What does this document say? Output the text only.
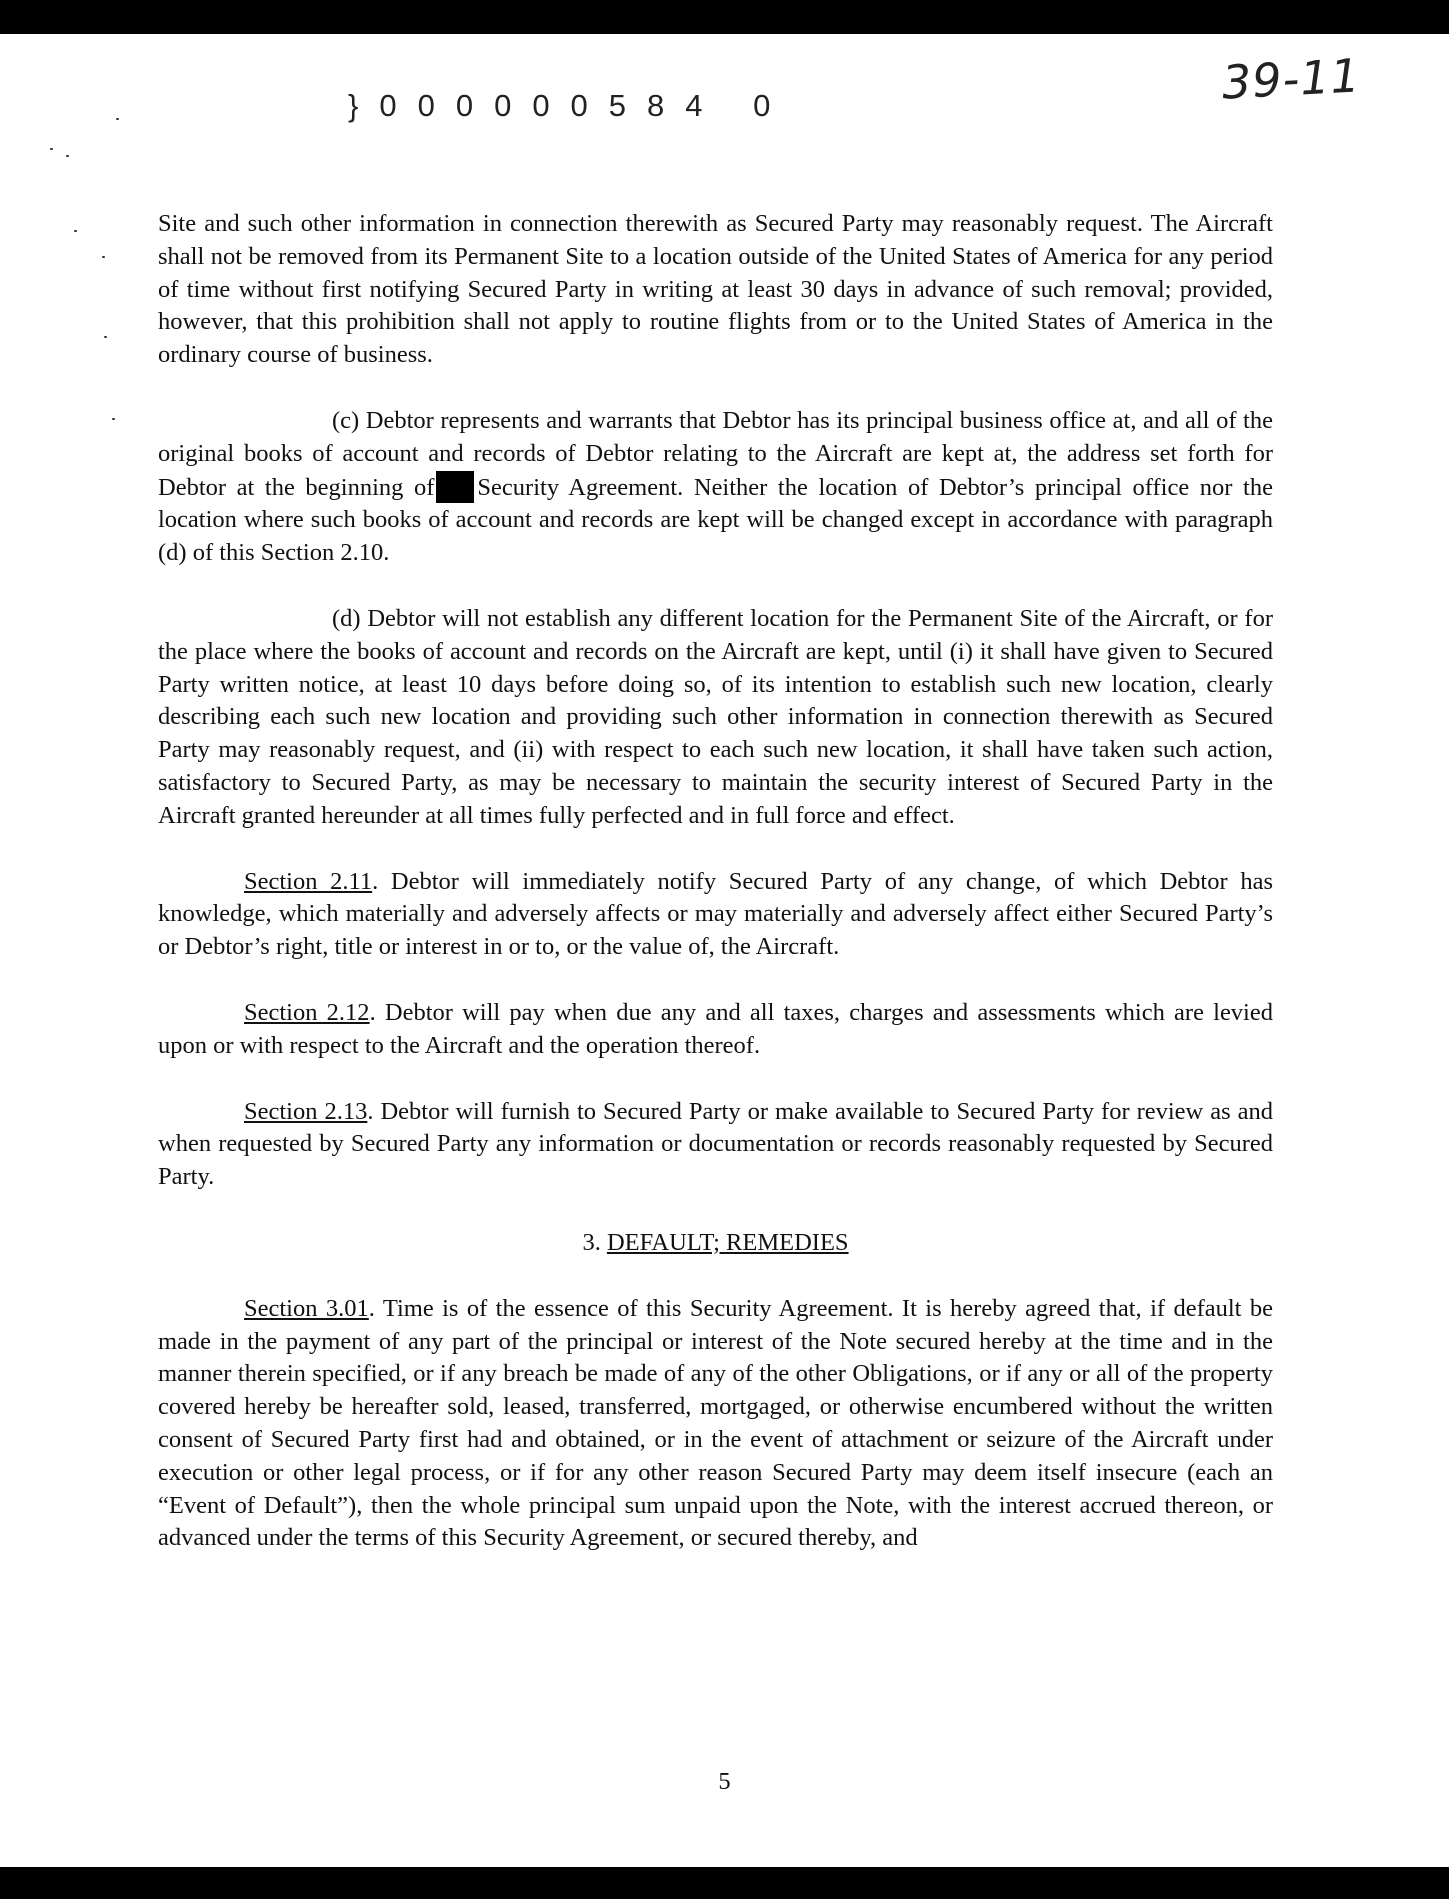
}000000584 0	39-11

Site and such other information in connection therewith as Secured Party may reasonably request. The Aircraft shall not be removed from its Permanent Site to a location outside of the United States of America for any period of time without first notifying Secured Party in writing at least 30 days in advance of such removal; provided, however, that this prohibition shall not apply to routine flights from or to the United States of America in the ordinary course of business.

(c) Debtor represents and warrants that Debtor has its principal business office at, and all of the original books of account and records of Debtor relating to the Aircraft are kept at, the address set forth for Debtor at the beginning of Security Agreement. Neither the location of Debtor’s principal office nor the location where such books of account and records are kept will be changed except in accordance with paragraph (d) of this Section 2.10.

(d) Debtor will not establish any different location for the Permanent Site of the Aircraft, or for the place where the books of account and records on the Aircraft are kept, until (i) it shall have given to Secured Party written notice, at least 10 days before doing so, of its intention to establish such new location, clearly describing each such new location and providing such other information in connection therewith as Secured Party may reasonably request, and (ii) with respect to each such new location, it shall have taken such action, satisfactory to Secured Party, as may be necessary to maintain the security interest of Secured Party in the Aircraft granted hereunder at all times fully perfected and in full force and effect.

Section 2.11. Debtor will immediately notify Secured Party of any change, of which Debtor has knowledge, which materially and adversely affects or may materially and adversely affect either Secured Party’s or Debtor’s right, title or interest in or to, or the value of, the Aircraft.

Section 2.12. Debtor will pay when due any and all taxes, charges and assessments which are levied upon or with respect to the Aircraft and the operation thereof.

Section 2.13. Debtor will furnish to Secured Party or make available to Secured Party for review as and when requested by Secured Party any information or documentation or records reasonably requested by Secured Party.

3. DEFAULT; REMEDIES

Section 3.01. Time is of the essence of this Security Agreement. It is hereby agreed that, if default be made in the payment of any part of the principal or interest of the Note secured hereby at the time and in the manner therein specified, or if any breach be made of any of the other Obligations, or if any or all of the property covered hereby be hereafter sold, leased, transferred, mortgaged, or otherwise encumbered without the written consent of Secured Party first had and obtained, or in the event of attachment or seizure of the Aircraft under execution or other legal process, or if for any other reason Secured Party may deem itself insecure (each an “Event of Default”), then the whole principal sum unpaid upon the Note, with the interest accrued thereon, or advanced under the terms of this Security Agreement, or secured thereby, and

5
